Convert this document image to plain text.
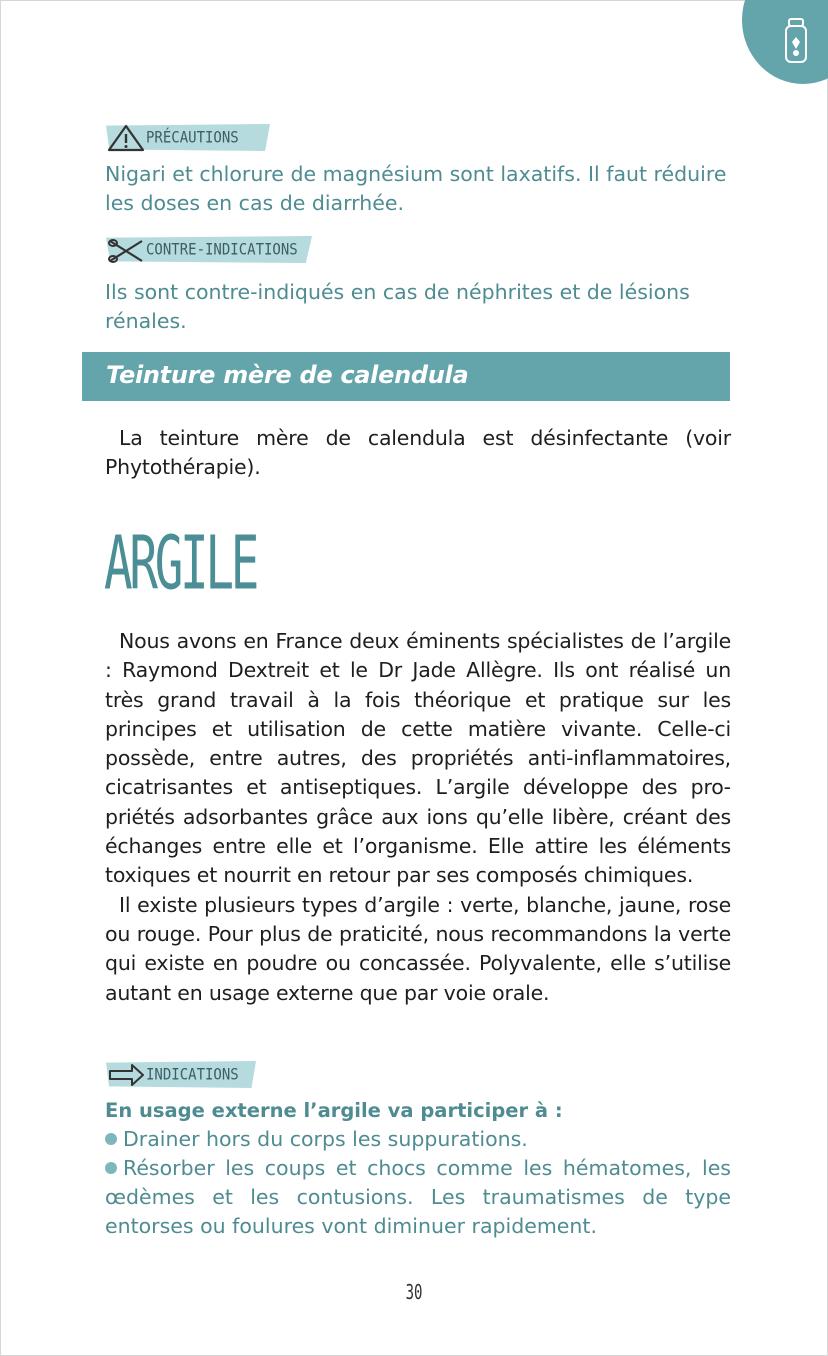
PRÉCAUTIONS

Nigari et chlorure de magnésium sont laxatifs. Il faut réduire les doses en cas de diarrhée.

CONTRE-INDICATIONS

Ils sont contre-indiqués en cas de néphrites et de lésions rénales.

Teinture mère de calendula

La teinture mère de calendula est désinfectante (voir Phytothérapie).

ARGILE

Nous avons en France deux éminents spécialistes de l’argile : Raymond Dextreit et le Dr Jade Allègre. Ils ont réalisé un très grand travail à la fois théorique et pratique sur les principes et utilisation de cette matière vivante. Celle-ci possède, entre autres, des propriétés anti-inflammatoires, cicatrisantes et antiseptiques. L’argile développe des propriétés adsorbantes grâce aux ions qu’elle libère, créant des échanges entre elle et l’organisme. Elle attire les éléments toxiques et nourrit en retour par ses composés chimiques.

Il existe plusieurs types d’argile : verte, blanche, jaune, rose ou rouge. Pour plus de praticité, nous recommandons la verte qui existe en poudre ou concassée. Polyvalente, elle s’utilise autant en usage externe que par voie orale.

INDICATIONS
En usage externe l’argile va participer à :
Drainer hors du corps les suppurations.
Résorber les coups et chocs comme les hématomes, les œdèmes et les contusions. Les traumatismes de type entorses ou foulures vont diminuer rapidement.
30
